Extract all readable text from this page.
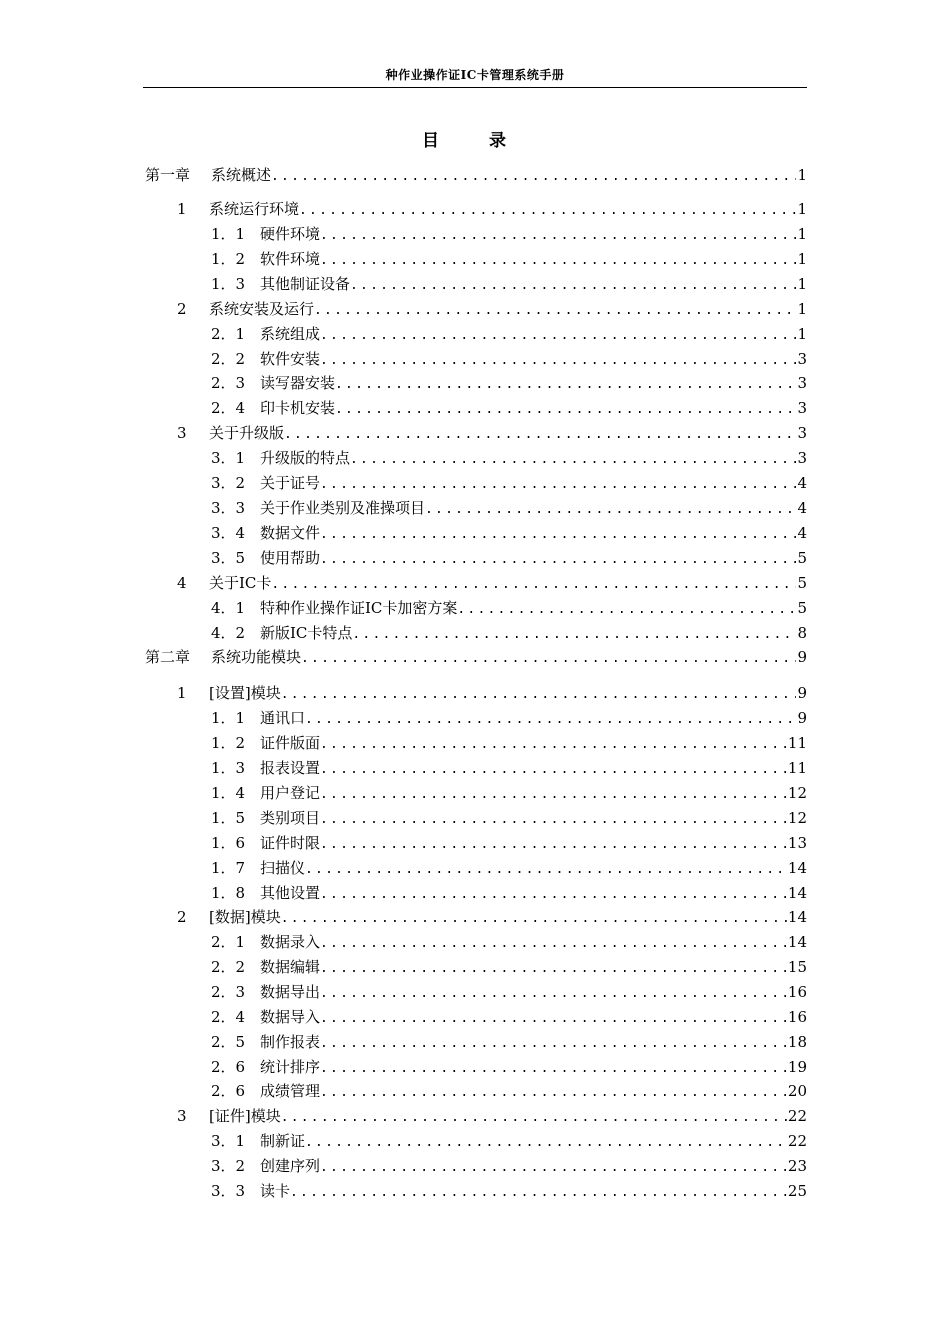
种作业操作证IC卡管理系统手册
目 录
第一章	系统概述 .....	1
1	系统运行环境 .....	1
1．1 硬件环境 .....	1
1．2 软件环境 .....	1
1．3 其他制证设备 .....	1
2	系统安装及运行 .....	1
2．1 系统组成 .....	1
2．2 软件安装 .....	3
2．3 读写器安装 .....	3
2．4 印卡机安装 .....	3
3	关于升级版 .....	3
3．1 升级版的特点 .....	3
3．2 关于证号 .....	4
3．3 关于作业类别及准操项目 .....	4
3．4 数据文件 .....	4
3．5 使用帮助 .....	5
4	关于IC卡 .....	5
4．1 特种作业操作证IC卡加密方案 .....	5
4．2 新版IC卡特点 .....	8
第二章	系统功能模块 .....	9
1	[设置]模块 .....	9
1．1 通讯口 .....	9
1．2 证件版面 .....	11
1．3 报表设置 .....	11
1．4 用户登记 .....	12
1．5 类别项目 .....	12
1．6 证件时限 .....	13
1．7 扫描仪 .....	14
1．8 其他设置 .....	14
2	[数据]模块 .....	14
2．1 数据录入 .....	14
2．2 数据编辑 .....	15
2．3 数据导出 .....	16
2．4 数据导入 .....	16
2．5 制作报表 .....	18
2．6 统计排序 .....	19
2．6 成绩管理 .....	20
3	[证件]模块 .....	22
3．1 制新证 .....	22
3．2 创建序列 .....	23
3．3 读卡 .....	25
